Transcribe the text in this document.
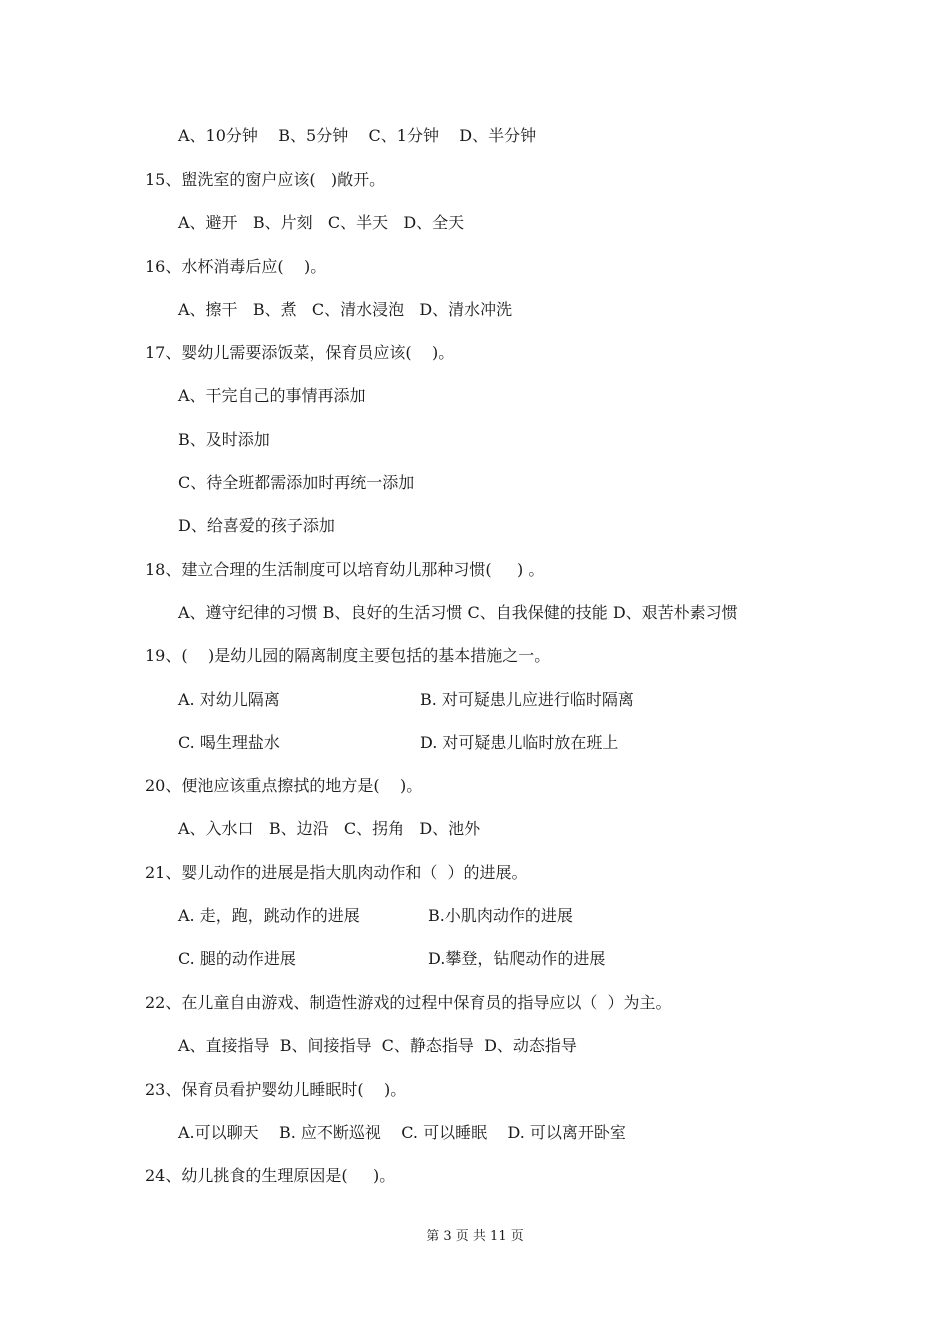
A、10分钟    B、5分钟    C、1分钟    D、半分钟
15、盥洗室的窗户应该(   )敞开。
A、避开   B、片刻   C、半天   D、全天
16、水杯消毒后应(    )。
A、擦干   B、煮   C、清水浸泡   D、清水冲洗
17、婴幼儿需要添饭菜，保育员应该(    )。
A、干完自己的事情再添加
B、及时添加
C、待全班都需添加时再统一添加
D、给喜爱的孩子添加
18、建立合理的生活制度可以培育幼儿那种习惯(     ) 。
A、遵守纪律的习惯 B、良好的生活习惯 C、自我保健的技能 D、艰苦朴素习惯
19、(    )是幼儿园的隔离制度主要包括的基本措施之一。
A. 对幼儿隔离	B. 对可疑患儿应进行临时隔离
C. 喝生理盐水	D. 对可疑患儿临时放在班上
20、便池应该重点擦拭的地方是(    )。
A、入水口   B、边沿   C、拐角   D、池外
21、婴儿动作的进展是指大肌肉动作和（  ）的进展。
A. 走，跑，跳动作的进展	B.小肌肉动作的进展
C. 腿的动作进展	D.攀登，钻爬动作的进展
22、在儿童自由游戏、制造性游戏的过程中保育员的指导应以（  ）为主。
A、直接指导  B、间接指导  C、静态指导  D、动态指导
23、保育员看护婴幼儿睡眠时(    )。
A.可以聊天    B. 应不断巡视    C. 可以睡眠    D. 可以离开卧室
24、幼儿挑食的生理原因是(     )。
第 3 页 共 11 页
